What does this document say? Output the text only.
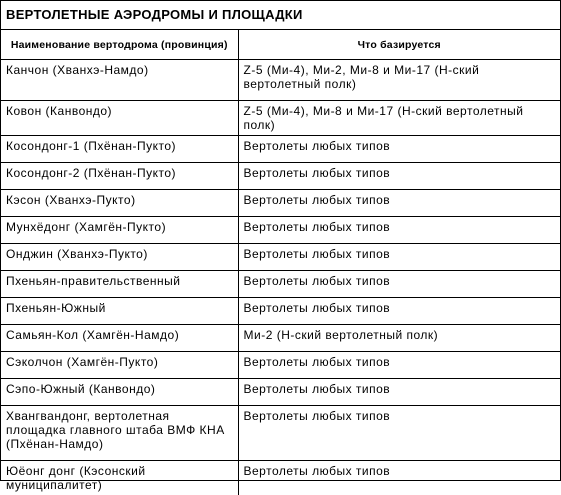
ВЕРТОЛЕТНЫЕ АЭРОДРОМЫ И ПЛОЩАДКИ
Наименование вертодрома (провинция)	Что базируется
Канчон (Хванхэ-Намдо)	Z-5 (Ми-4), Ми-2, Ми-8 и Ми-17 (Н-ский вертолетный полк)
Ковон (Канвондо)	Z-5 (Ми-4), Ми-8 и Ми-17 (Н-ский вертолетный полк)
Косондонг-1 (Пхёнан-Пукто)	Вертолеты любых типов
Косондонг-2 (Пхёнан-Пукто)	Вертолеты любых типов
Кэсон (Хванхэ-Пукто)	Вертолеты любых типов
Мунхёдонг (Хамгён-Пукто)	Вертолеты любых типов
Онджин (Хванхэ-Пукто)	Вертолеты любых типов
Пхеньян-правительственный	Вертолеты любых типов
Пхеньян-Южный	Вертолеты любых типов
Самьян-Кол (Хамгён-Намдо)	Ми-2 (Н-ский вертолетный полк)
Сэколчон (Хамгён-Пукто)	Вертолеты любых типов
Сэпо-Южный (Канвондо)	Вертолеты любых типов
Хвангвандонг, вертолетная площадка главного штаба ВМФ КНА (Пхёнан-Намдо)	Вертолеты любых типов
Юёонг донг (Кэсонский муниципалитет)	Вертолеты любых типов
